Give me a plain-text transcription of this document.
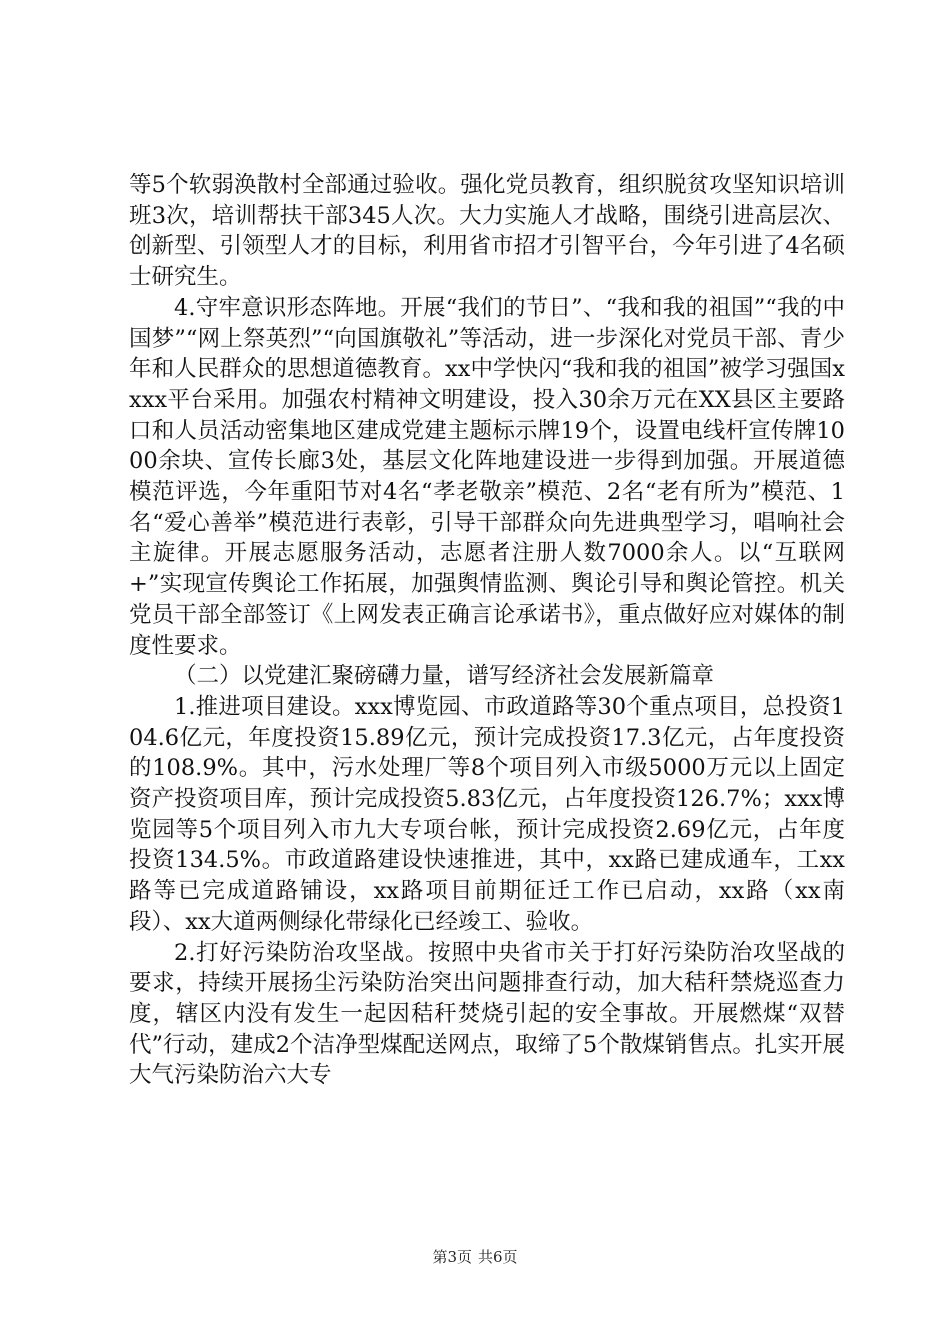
等5个软弱涣散村全部通过验收。强化党员教育，组织脱贫攻坚知识培训班3次，培训帮扶干部345人次。大力实施人才战略，围绕引进高层次、创新型、引领型人才的目标，利用省市招才引智平台，今年引进了4名硕士研究生。

4.守牢意识形态阵地。开展“我们的节日”、“我和我的祖国”“我的中国梦”“网上祭英烈”“向国旗敬礼”等活动，进一步深化对党员干部、青少年和人民群众的思想道德教育。xx中学快闪“我和我的祖国”被学习强国xxxx平台采用。加强农村精神文明建设，投入30余万元在XX县区主要路口和人员活动密集地区建成党建主题标示牌19个，设置电线杆宣传牌1000余块、宣传长廊3处，基层文化阵地建设进一步得到加强。开展道德模范评选，今年重阳节对4名“孝老敬亲”模范、2名“老有所为”模范、1名“爱心善举”模范进行表彰，引导干部群众向先进典型学习，唱响社会主旋律。开展志愿服务活动，志愿者注册人数7000余人。以“互联网+”实现宣传舆论工作拓展，加强舆情监测、舆论引导和舆论管控。机关党员干部全部签订《上网发表正确言论承诺书》，重点做好应对媒体的制度性要求。

（二）以党建汇聚磅礴力量，谱写经济社会发展新篇章

1.推进项目建设。xxx博览园、市政道路等30个重点项目，总投资104.6亿元，年度投资15.89亿元，预计完成投资17.3亿元，占年度投资的108.9%。其中，污水处理厂等8个项目列入市级5000万元以上固定资产投资项目库，预计完成投资5.83亿元，占年度投资126.7%；xxx博览园等5个项目列入市九大专项台帐，预计完成投资2.69亿元，占年度投资134.5%。市政道路建设快速推进，其中，xx路已建成通车，工xx路等已完成道路铺设，xx路项目前期征迁工作已启动，xx路（xx南段）、xx大道两侧绿化带绿化已经竣工、验收。

2.打好污染防治攻坚战。按照中央省市关于打好污染防治攻坚战的要求，持续开展扬尘污染防治突出问题排查行动，加大秸秆禁烧巡查力度，辖区内没有发生一起因秸秆焚烧引起的安全事故。开展燃煤“双替代”行动，建成2个洁净型煤配送网点，取缔了5个散煤销售点。扎实开展大气污染防治六大专

第3页 共6页
